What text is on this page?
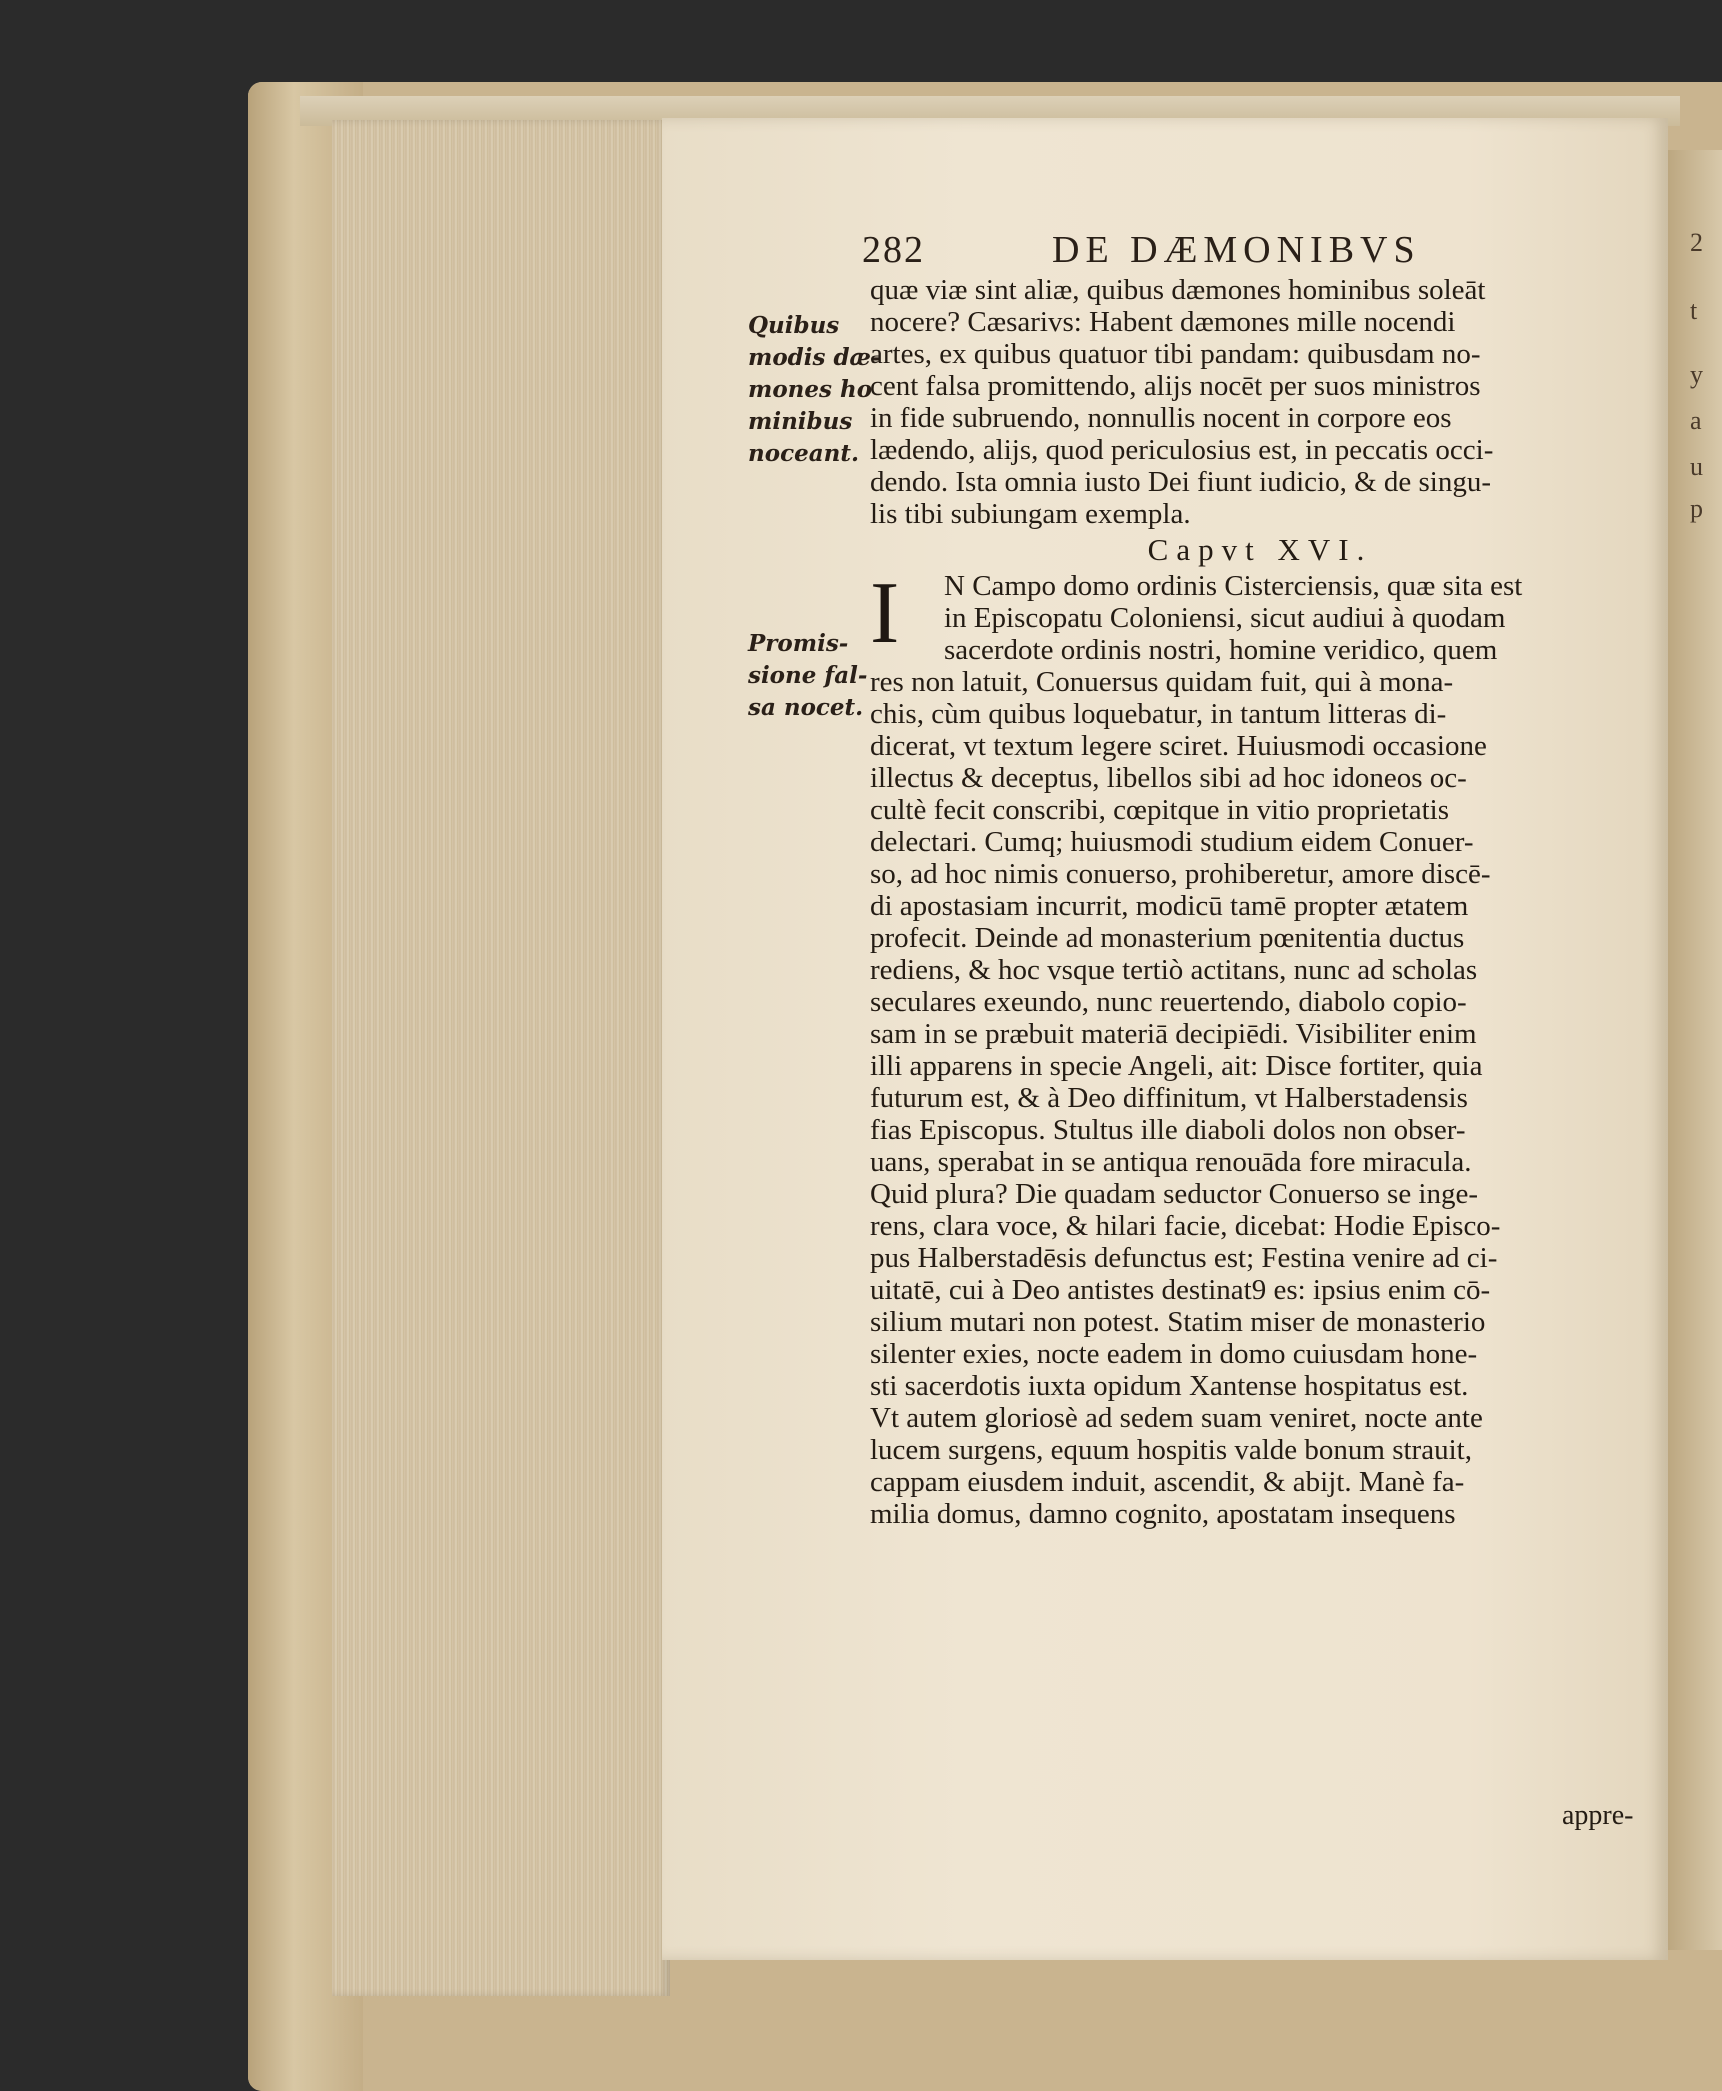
2
t
y
a
u
p
282	DE DÆMONIBVS
Quibus
modis dæ-
mones ho
minibus
noceant.
Promis-
sione fal-
sa nocet.
quæ viæ sint aliæ, quibus dæmones hominibus soleāt
nocere? Cæsarivs: Habent dæmones mille nocendi
artes, ex quibus quatuor tibi pandam: quibusdam no-
cent falsa promittendo, alijs nocēt per suos ministros
in fide subruendo, nonnullis nocent in corpore eos
lædendo, alijs, quod periculosius est, in peccatis occi-
dendo. Ista omnia iusto Dei fiunt iudicio, & de singu-
lis tibi subiungam exempla.
Capvt XVI.
I	N Campo domo ordinis Cisterciensis, quæ sita est
in Episcopatu Coloniensi, sicut audiui à quodam
sacerdote ordinis nostri, homine veridico, quem
res non latuit, Conuersus quidam fuit, qui à mona-
chis, cùm quibus loquebatur, in tantum litteras di-
dicerat, vt textum legere sciret. Huiusmodi occasione
illectus & deceptus, libellos sibi ad hoc idoneos oc-
cultè fecit conscribi, cœpitque in vitio proprietatis
delectari. Cumq; huiusmodi studium eidem Conuer-
so, ad hoc nimis conuerso, prohiberetur, amore discē-
di apostasiam incurrit, modicū tamē propter ætatem
profecit. Deinde ad monasterium pœnitentia ductus
rediens, & hoc vsque tertiò actitans, nunc ad scholas
seculares exeundo, nunc reuertendo, diabolo copio-
sam in se præbuit materiā decipiēdi. Visibiliter enim
illi apparens in specie Angeli, ait: Disce fortiter, quia
futurum est, & à Deo diffinitum, vt Halberstadensis
fias Episcopus. Stultus ille diaboli dolos non obser-
uans, sperabat in se antiqua renouāda fore miracula.
Quid plura? Die quadam seductor Conuerso se inge-
rens, clara voce, & hilari facie, dicebat: Hodie Episco-
pus Halberstadēsis defunctus est; Festina venire ad ci-
uitatē, cui à Deo antistes destinat9 es: ipsius enim cō-
silium mutari non potest. Statim miser de monasterio
silenter exies, nocte eadem in domo cuiusdam hone-
sti sacerdotis iuxta opidum Xantense hospitatus est.
Vt autem gloriosè ad sedem suam veniret, nocte ante
lucem surgens, equum hospitis valde bonum strauit,
cappam eiusdem induit, ascendit, & abijt. Manè fa-
milia domus, damno cognito, apostatam insequens
appre-
